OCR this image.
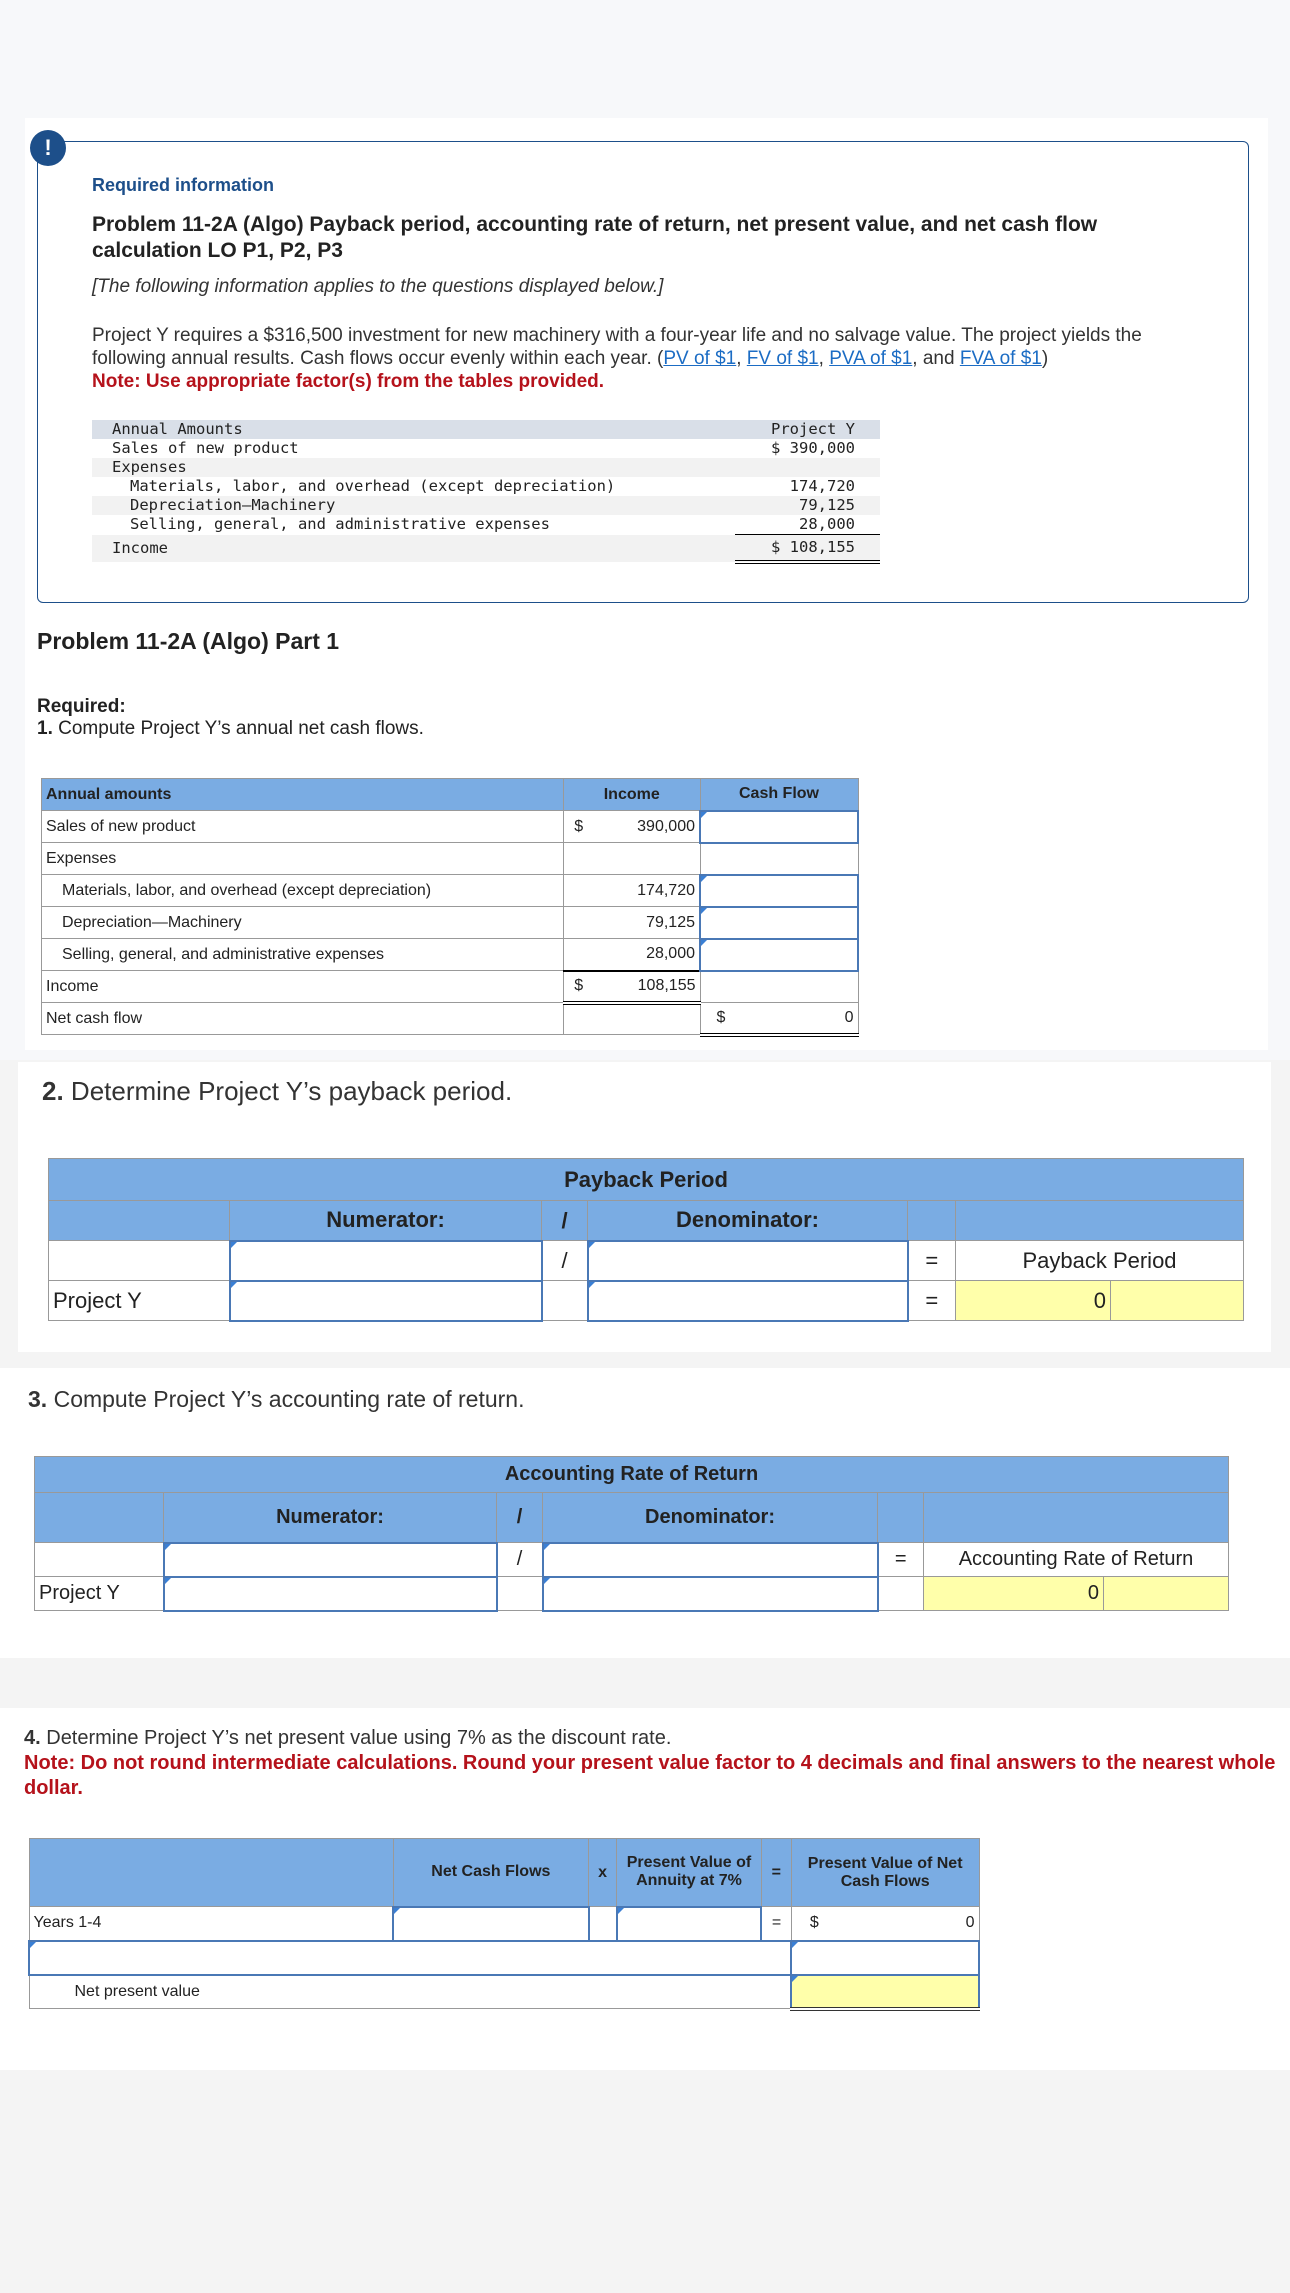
!
Required information
Problem 11-2A (Algo) Payback period, accounting rate of return, net present value, and net cash flow calculation LO P1, P2, P3
[The following information applies to the questions displayed below.]
Project Y requires a $316,500 investment for new machinery with a four-year life and no salvage value. The project yields the following annual results. Cash flows occur evenly within each year. (PV of $1, FV of $1, PVA of $1, and FVA of $1)
Note: Use appropriate factor(s) from the tables provided.
Annual Amounts	Project Y
Sales of new product	$ 390,000
Expenses	
Materials, labor, and overhead (except depreciation)	174,720
Depreciation—Machinery	79,125
Selling, general, and administrative expenses	28,000
Income	$ 108,155
Problem 11-2A (Algo) Part 1
Required:
1. Compute Project Y’s annual net cash flows.
Annual amounts	Income		Cash Flow
Sales of new product	$	390,000	
Expenses			
Materials, labor, and overhead (except depreciation)	174,720		
Depreciation—Machinery	79,125		
Selling, general, and administrative expenses	28,000		
Income	$	108,155	
Net cash flow			$ 0
2. Determine Project Y’s payback period.
Payback Period						
	Numerator:	/	Denominator:			
		/		=	Payback Period	
Project Y				=	0	
3. Compute Project Y’s accounting rate of return.
Accounting Rate of Return						
	Numerator:	/	Denominator:			
		/		=	Accounting Rate of Return	
Project Y					0	
4. Determine Project Y’s net present value using 7% as the discount rate.
Note: Do not round intermediate calculations. Round your present value factor to 4 decimals and final answers to the nearest whole dollar.
	Net Cash Flows	x	Present Value of Annuity at 7%	=	Present Value of Net Cash Flows
Years 1-4				=	$ 0

Net present value					
